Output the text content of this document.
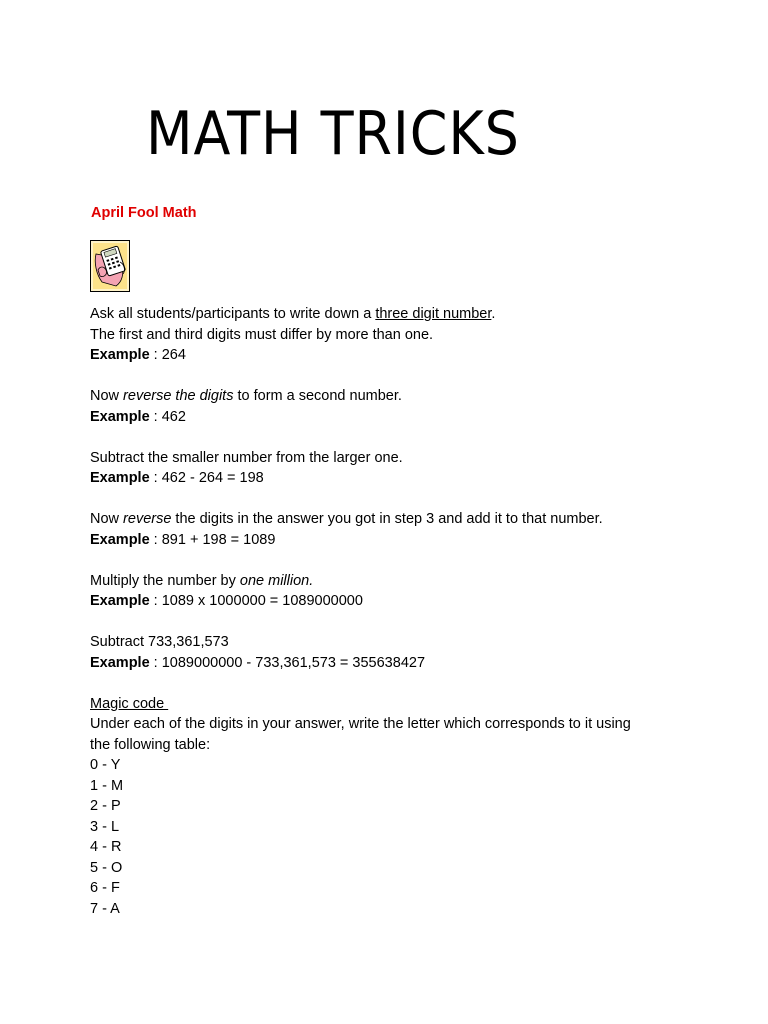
MATH TRICKS
April Fool Math
Ask all students/participants to write down a three digit number.
The first and third digits must differ by more than one.
Example : 264
Now reverse the digits to form a second number.
Example : 462
Subtract the smaller number from the larger one.
Example : 462 - 264 = 198
Now reverse the digits in the answer you got in step 3 and add it to that number.
Example : 891 + 198 = 1089
Multiply the number by one million.
Example : 1089 x 1000000 = 1089000000
Subtract 733,361,573
Example : 1089000000 - 733,361,573 = 355638427
Magic code
Under each of the digits in your answer, write the letter which corresponds to it using
the following table:
0 - Y
1 - M
2 - P
3 - L
4 - R
5 - O
6 - F
7 - A
